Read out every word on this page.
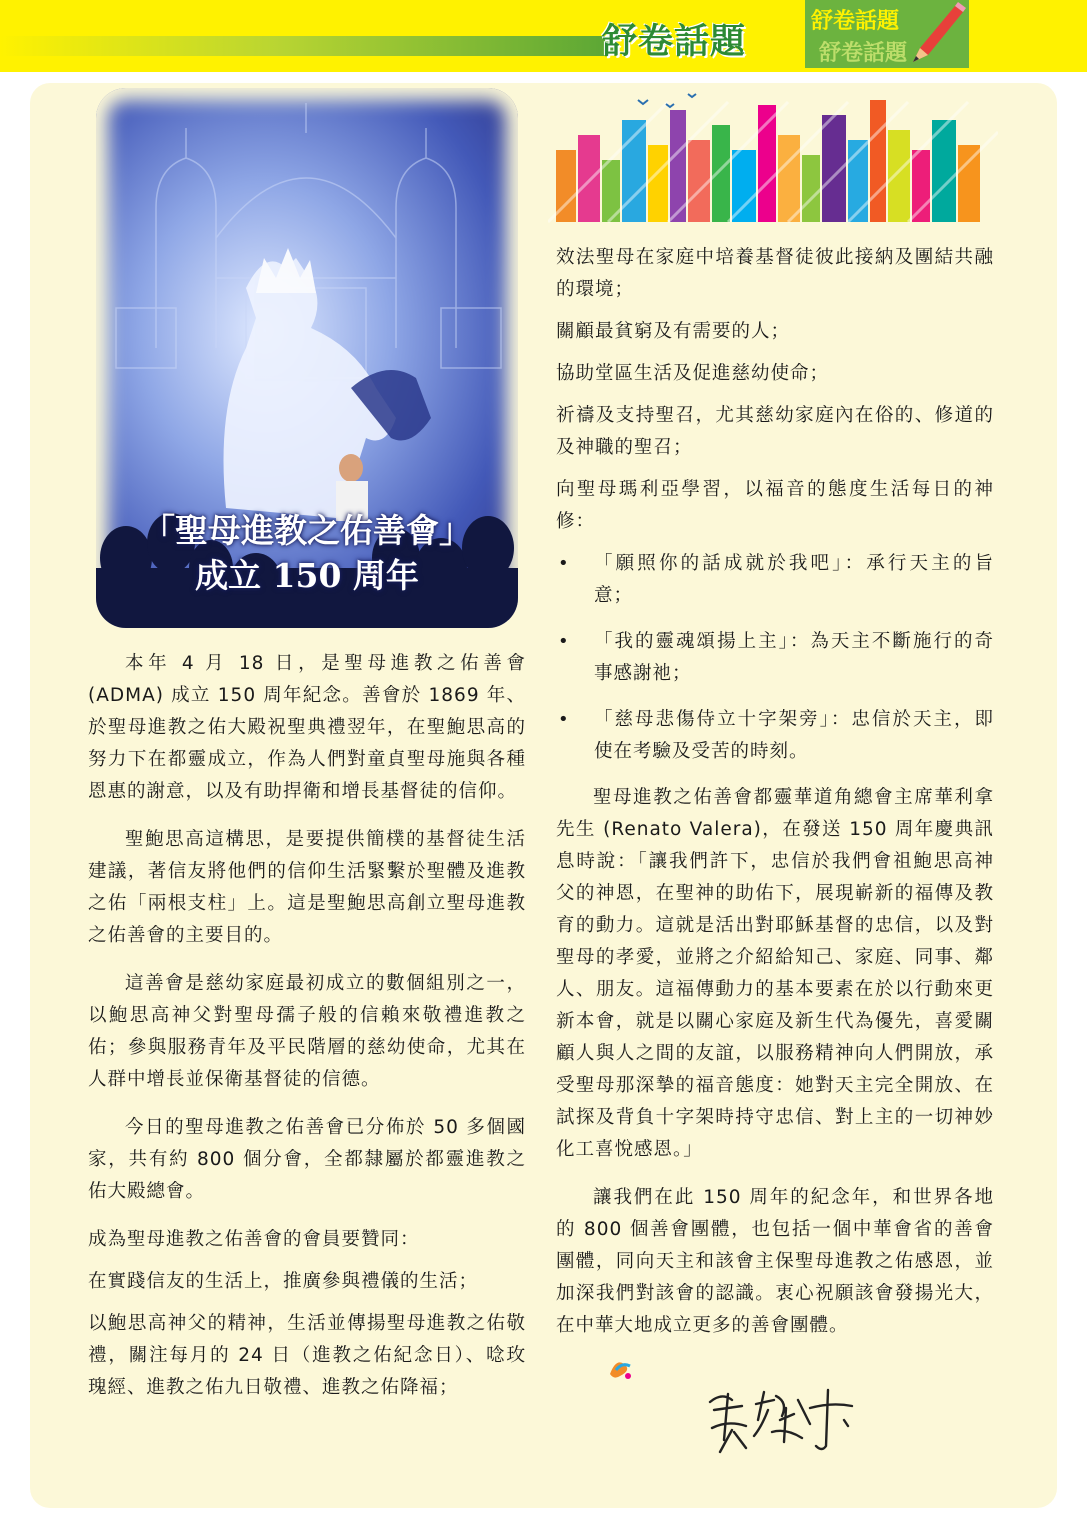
舒卷話題
舒卷話題
舒卷話題
「聖母進教之佑善會」
成立 150 周年

本年 4 月 18 日，是聖母進教之佑善會 (ADMA) 成立 150 周年紀念。善會於 1869 年、於聖母進教之佑大殿祝聖典禮翌年，在聖鮑思高的努力下在都靈成立，作為人們對童貞聖母施與各種恩惠的謝意，以及有助捍衛和增長基督徒的信仰。

聖鮑思高這構思，是要提供簡樸的基督徒生活建議，著信友將他們的信仰生活緊繫於聖體及進教之佑「兩根支柱」上。這是聖鮑思高創立聖母進教之佑善會的主要目的。

這善會是慈幼家庭最初成立的數個組別之一，以鮑思高神父對聖母孺子般的信賴來敬禮進教之佑；參與服務青年及平民階層的慈幼使命，尤其在人群中增長並保衛基督徒的信德。

今日的聖母進教之佑善會已分佈於 50 多個國家，共有約 800 個分會，全都隸屬於都靈進教之佑大殿總會。

成為聖母進教之佑善會的會員要贊同：

在實踐信友的生活上，推廣參與禮儀的生活；

以鮑思高神父的精神，生活並傳揚聖母進教之佑敬禮，關注每月的 24 日（進教之佑紀念日）、唸玫瑰經、進教之佑九日敬禮、進教之佑降福；

效法聖母在家庭中培養基督徒彼此接納及團結共融的環境；

關顧最貧窮及有需要的人；

協助堂區生活及促進慈幼使命；

祈禱及支持聖召，尤其慈幼家庭內在俗的、修道的及神職的聖召；

向聖母瑪利亞學習，以福音的態度生活每日的神修：

• 「願照你的話成就於我吧」：承行天主的旨意；
• 「我的靈魂頌揚上主」：為天主不斷施行的奇事感謝祂；
• 「慈母悲傷侍立十字架旁」：忠信於天主，即使在考驗及受苦的時刻。

聖母進教之佑善會都靈華道角總會主席華利拿先生 (Renato Valera)，在發送 150 周年慶典訊息時說：「讓我們許下，忠信於我們會祖鮑思高神父的神恩，在聖神的助佑下，展現嶄新的福傳及教育的動力。這就是活出對耶穌基督的忠信，以及對聖母的孝愛，並將之介紹給知己、家庭、同事、鄰人、朋友。這福傳動力的基本要素在於以行動來更新本會，就是以關心家庭及新生代為優先，喜愛關顧人與人之間的友誼，以服務精神向人們開放，承受聖母那深摯的福音態度：她對天主完全開放、在試探及背負十字架時持守忠信、對上主的一切神妙化工喜悅感恩。」

讓我們在此 150 周年的紀念年，和世界各地的 800 個善會團體，也包括一個中華會省的善會團體，同向天主和該會主保聖母進教之佑感恩，並加深我們對該會的認識。衷心祝願該會發揚光大，在中華大地成立更多的善會團體。
